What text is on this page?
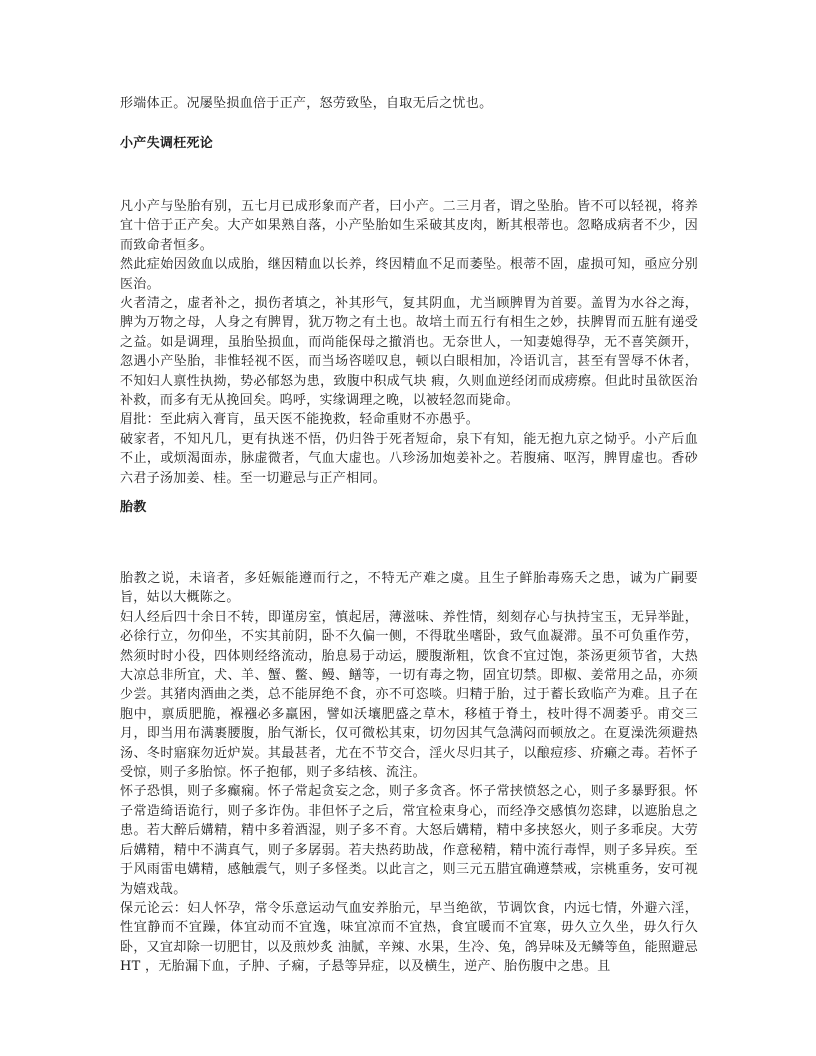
形端体正。况屡坠损血倍于正产，怒劳致坠，自取无后之忧也。

小产失调枉死论

凡小产与坠胎有别，五七月已成形象而产者，曰小产。二三月者，谓之坠胎。皆不可以轻视，将养宜十倍于正产矣。大产如果熟自落，小产坠胎如生采破其皮肉，断其根蒂也。忽略成病者不少，因而致命者恒多。

然此症始因敛血以成胎，继因精血以长养，终因精血不足而萎坠。根蒂不固，虚损可知，亟应分别医治。

火者清之，虚者补之，损伤者填之，补其形气，复其阴血，尤当顾脾胃为首要。盖胃为水谷之海，脾为万物之母，人身之有脾胃，犹万物之有土也。故培土而五行有相生之妙，扶脾胃而五脏有递受之益。如是调理，虽胎坠损血，而尚能保母之撤消也。无奈世人，一知妻媳得孕，无不喜笑颜开，忽遇小产坠胎，非惟轻视不医，而当场咨嗟叹息，顿以白眼相加，冷语讥言，甚至有詈辱不休者，不知妇人禀性执拗，势必郁怒为患，致腹中积成气块 瘕，久则血逆经闭而成痨瘵。但此时虽欲医治补救，而多有无从挽回矣。呜呼，实缘调理之晚，以被轻忽而毙命。

眉批：至此病入膏肓，虽天医不能挽救，轻命重财不亦愚乎。

破家者，不知凡几，更有执迷不悟，仍归咎于死者短命，泉下有知，能无抱九京之恸乎。小产后血不止，或烦渴面赤，脉虚微者，气血大虚也。八珍汤加炮姜补之。若腹痛、呕泻，脾胃虚也。香砂六君子汤加姜、桂。至一切避忌与正产相同。

胎教

胎教之说，未谙者，多妊娠能遵而行之，不特无产难之虞。且生子鲜胎毒殇夭之患，诚为广嗣要旨，姑以大概陈之。

妇人经后四十余日不转，即谨房室，慎起居，薄滋味、养性情，刻刻存心与执持宝玉，无异举趾，必徐行立，勿仰坐，不实其前阴，卧不久偏一侧，不得耽坐嗜卧，致气血凝滞。虽不可负重作劳，然须时时小役，四体则经络流动，胎息易于动运，腰腹渐粗，饮食不宜过饱，茶汤更须节省，大热大凉总非所宜，犬、羊、蟹、鳖、鳗、鳝等，一切有毒之物，固宜切禁。即椒、姜常用之品，亦须少尝。其猪肉酒曲之类，总不能屏绝不食，亦不可恣啖。归精于胎，过于蓄长致临产为难。且子在胞中，禀质肥脆，褓襁必多羸困，譬如沃壤肥盛之草木，移植于脊土，枝叶得不凋萎乎。甫交三月，即当用布满裹腰腹，胎气渐长，仅可微松其束，切勿因其气急满闷而顿放之。在夏澡洗须避热汤、冬时寤寐勿近炉炭。其最甚者，尤在不节交合，淫火尽归其子，以酿痘疹、疥癞之毒。若怀子受惊，则子多胎惊。怀子抱郁，则子多结核、流注。

怀子恐惧，则子多癫痫。怀子常起贪妄之念，则子多贪吝。怀子常挟愤怒之心，则子多暴野狠。怀子常造绮语诡行，则子多诈伪。非但怀子之后，常宜检束身心，而经净交感慎勿恣肆，以遮胎息之患。若大醉后媾精，精中多着酒湿，则子多不育。大怒后媾精，精中多挟怒火，则子多乖戾。大劳后媾精，精中不满真气，则子多孱弱。若夫热药助战，作意秘精，精中流行毒悍，则子多异疾。至于风雨雷电媾精，感触震气，则子多怪类。以此言之，则三元五腊宜确遵禁戒，宗桃重务，安可视为嬉戏哉。

保元论云：妇人怀孕，常令乐意运动气血安养胎元，早当绝欲，节调饮食，内远七情，外避六淫，性宜静而不宜躁，体宜动而不宜逸，味宜凉而不宜热，食宜暖而不宜寒，毋久立久坐，毋久行久卧，又宜却除一切肥甘，以及煎炒炙 油腻，辛辣、水果，生冷、兔，鸽异味及无鳞等鱼，能照避忌 HT ，无胎漏下血，子肿、子痫，子悬等异症，以及横生，逆产、胎伤腹中之患。且
